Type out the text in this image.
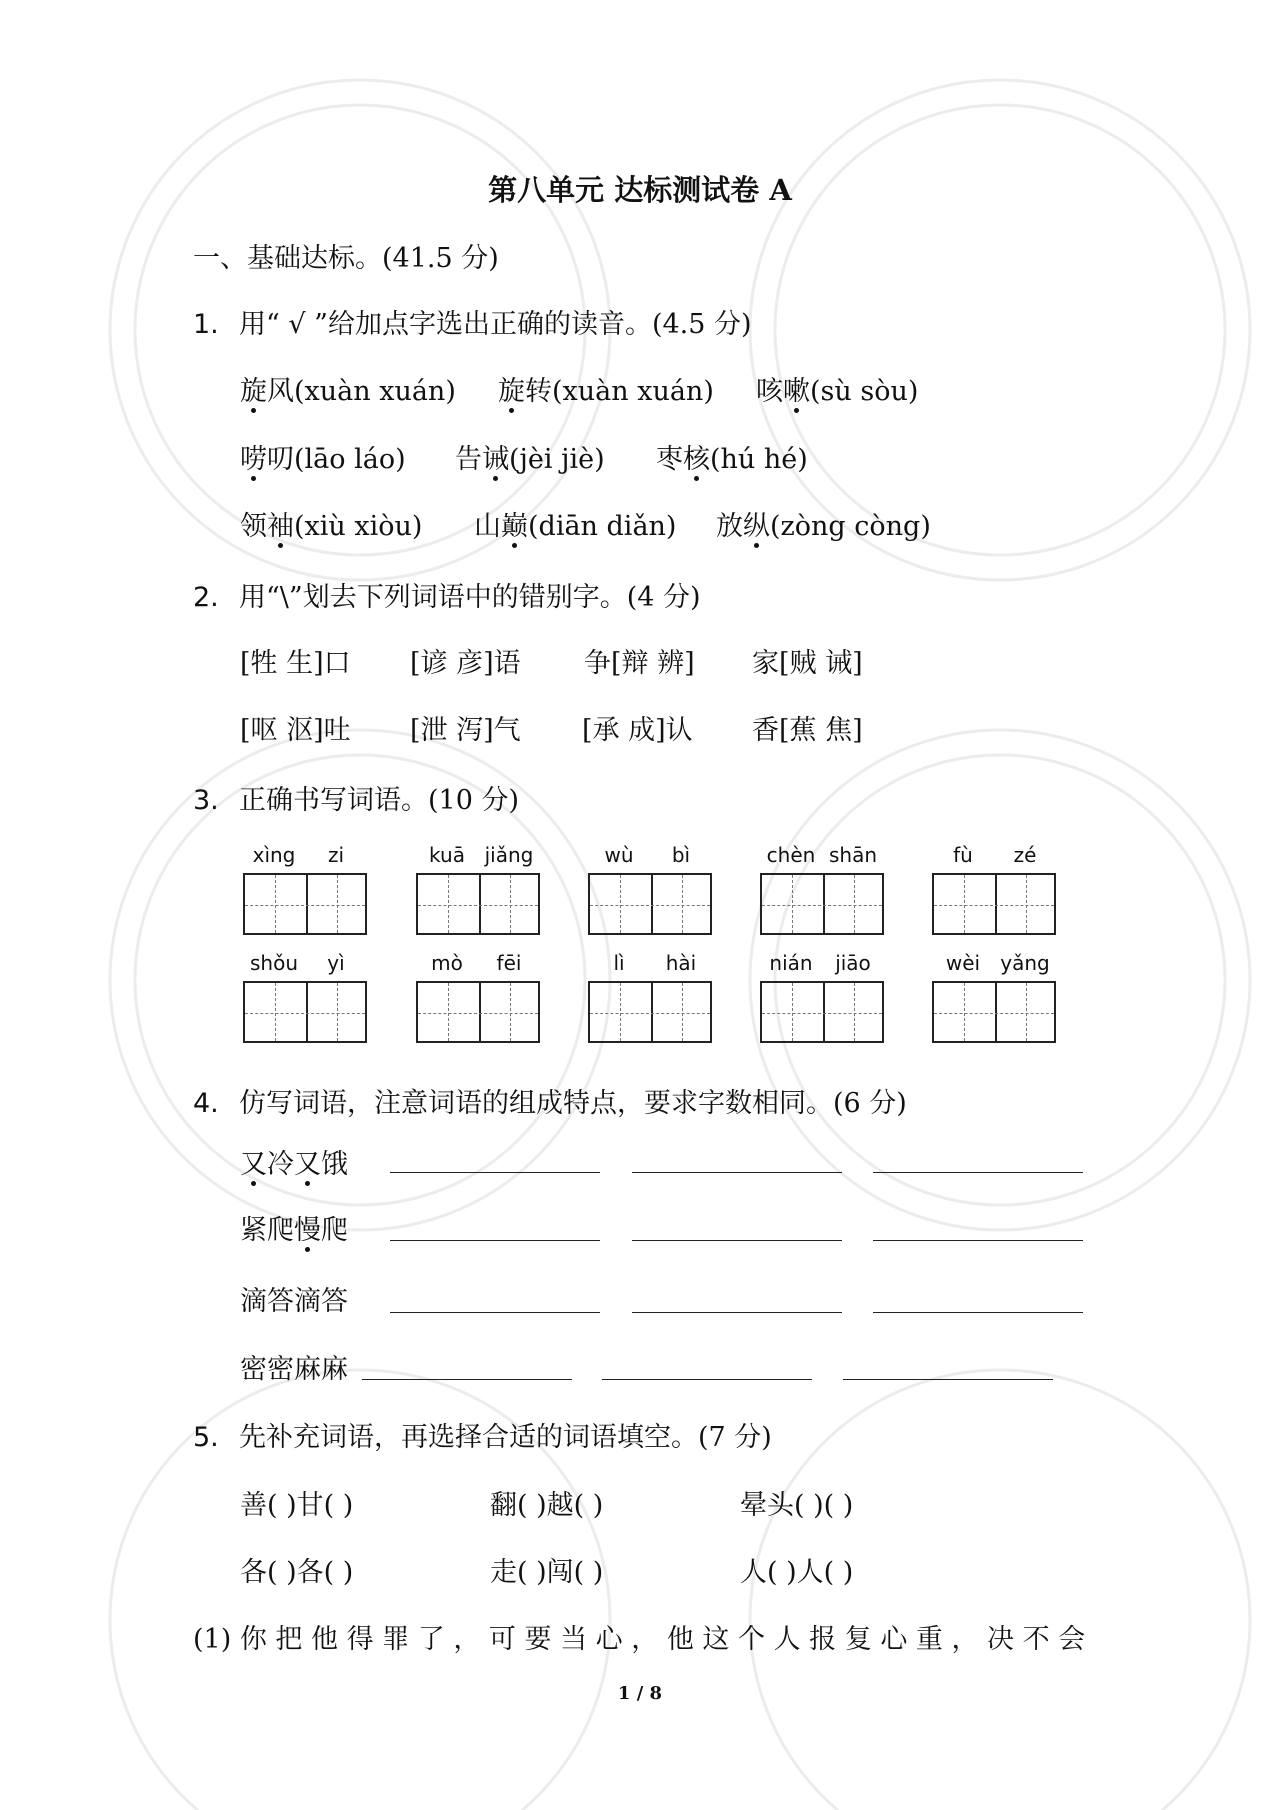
第八单元 达标测试卷 A
一、基础达标。(41.5 分)
1. 用“ √ ”给加点字选出正确的读音。(4.5 分)
旋风(xuàn xuán) 旋转(xuàn xuán) 咳嗽(sù sòu)
唠叨(lāo láo) 告诫(jèi jiè) 枣核(hú hé)
领袖(xiù xiòu) 山巅(diān diǎn) 放纵(zòng còng)
2. 用“\”划去下列词语中的错别字。(4 分)
[牲 生]口 [谚 彦]语 争[辩 辨] 家[贼 诫]
[呕 沤]吐 [泄 泻]气 [承 成]认 香[蕉 焦]
3. 正确书写词语。(10 分)
xìng	zi	kuā jiǎng	wù	bì	chèn shān	fù	zé
shǒu	yì	mò	fēi	lì	hài	nián	jiāo	wèi	yǎng
4. 仿写词语，注意词语的组成特点，要求字数相同。(6 分)
又冷又饿
紧爬慢爬
滴答滴答
密密麻麻
5. 先补充词语，再选择合适的词语填空。(7 分)
善( )甘( )	翻( )越( )	晕头( )( )
各( )各( )	走( )闯( )	人( )人( )
(1) 你 把 他 得 罪 了 ， 可 要 当 心 ， 他 这 个 人 报 复 心 重 ， 决 不 会
1 / 8
